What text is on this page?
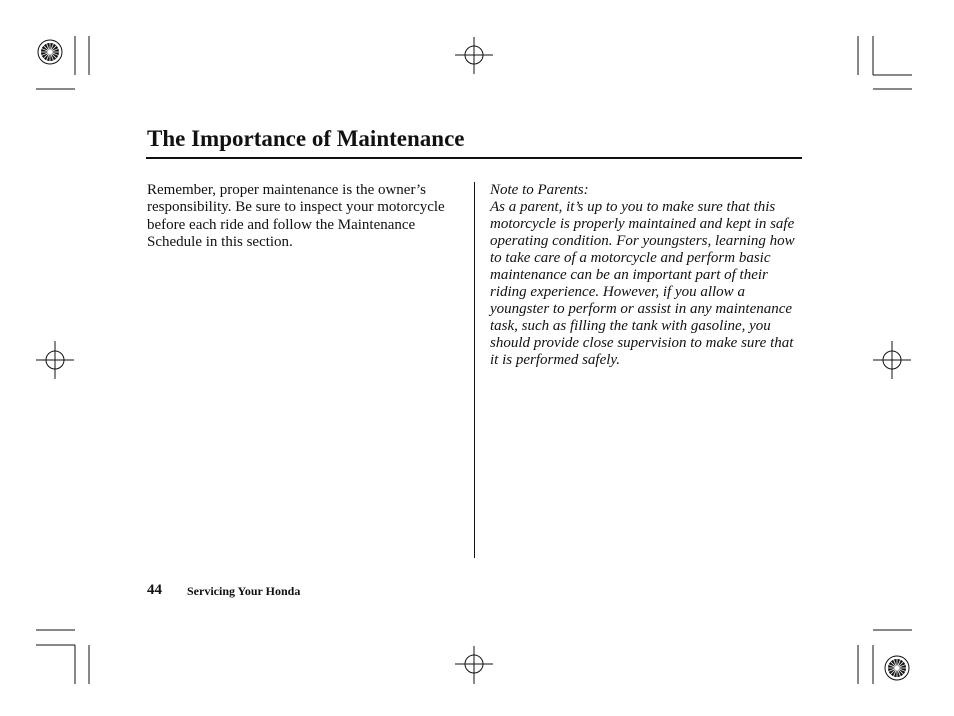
The Importance of Maintenance
Remember, proper maintenance is the owner’s responsibility. Be sure to inspect your motorcycle before each ride and follow the Maintenance Schedule in this section.
Note to Parents:
As a parent, it’s up to you to make sure that this motorcycle is properly maintained and kept in safe operating condition. For youngsters, learning how to take care of a motorcycle and perform basic maintenance can be an important part of their riding experience. However, if you allow a youngster to perform or assist in any maintenance task, such as filling the tank with gasoline, you should provide close supervision to make sure that it is performed safely.
44 Servicing Your Honda
